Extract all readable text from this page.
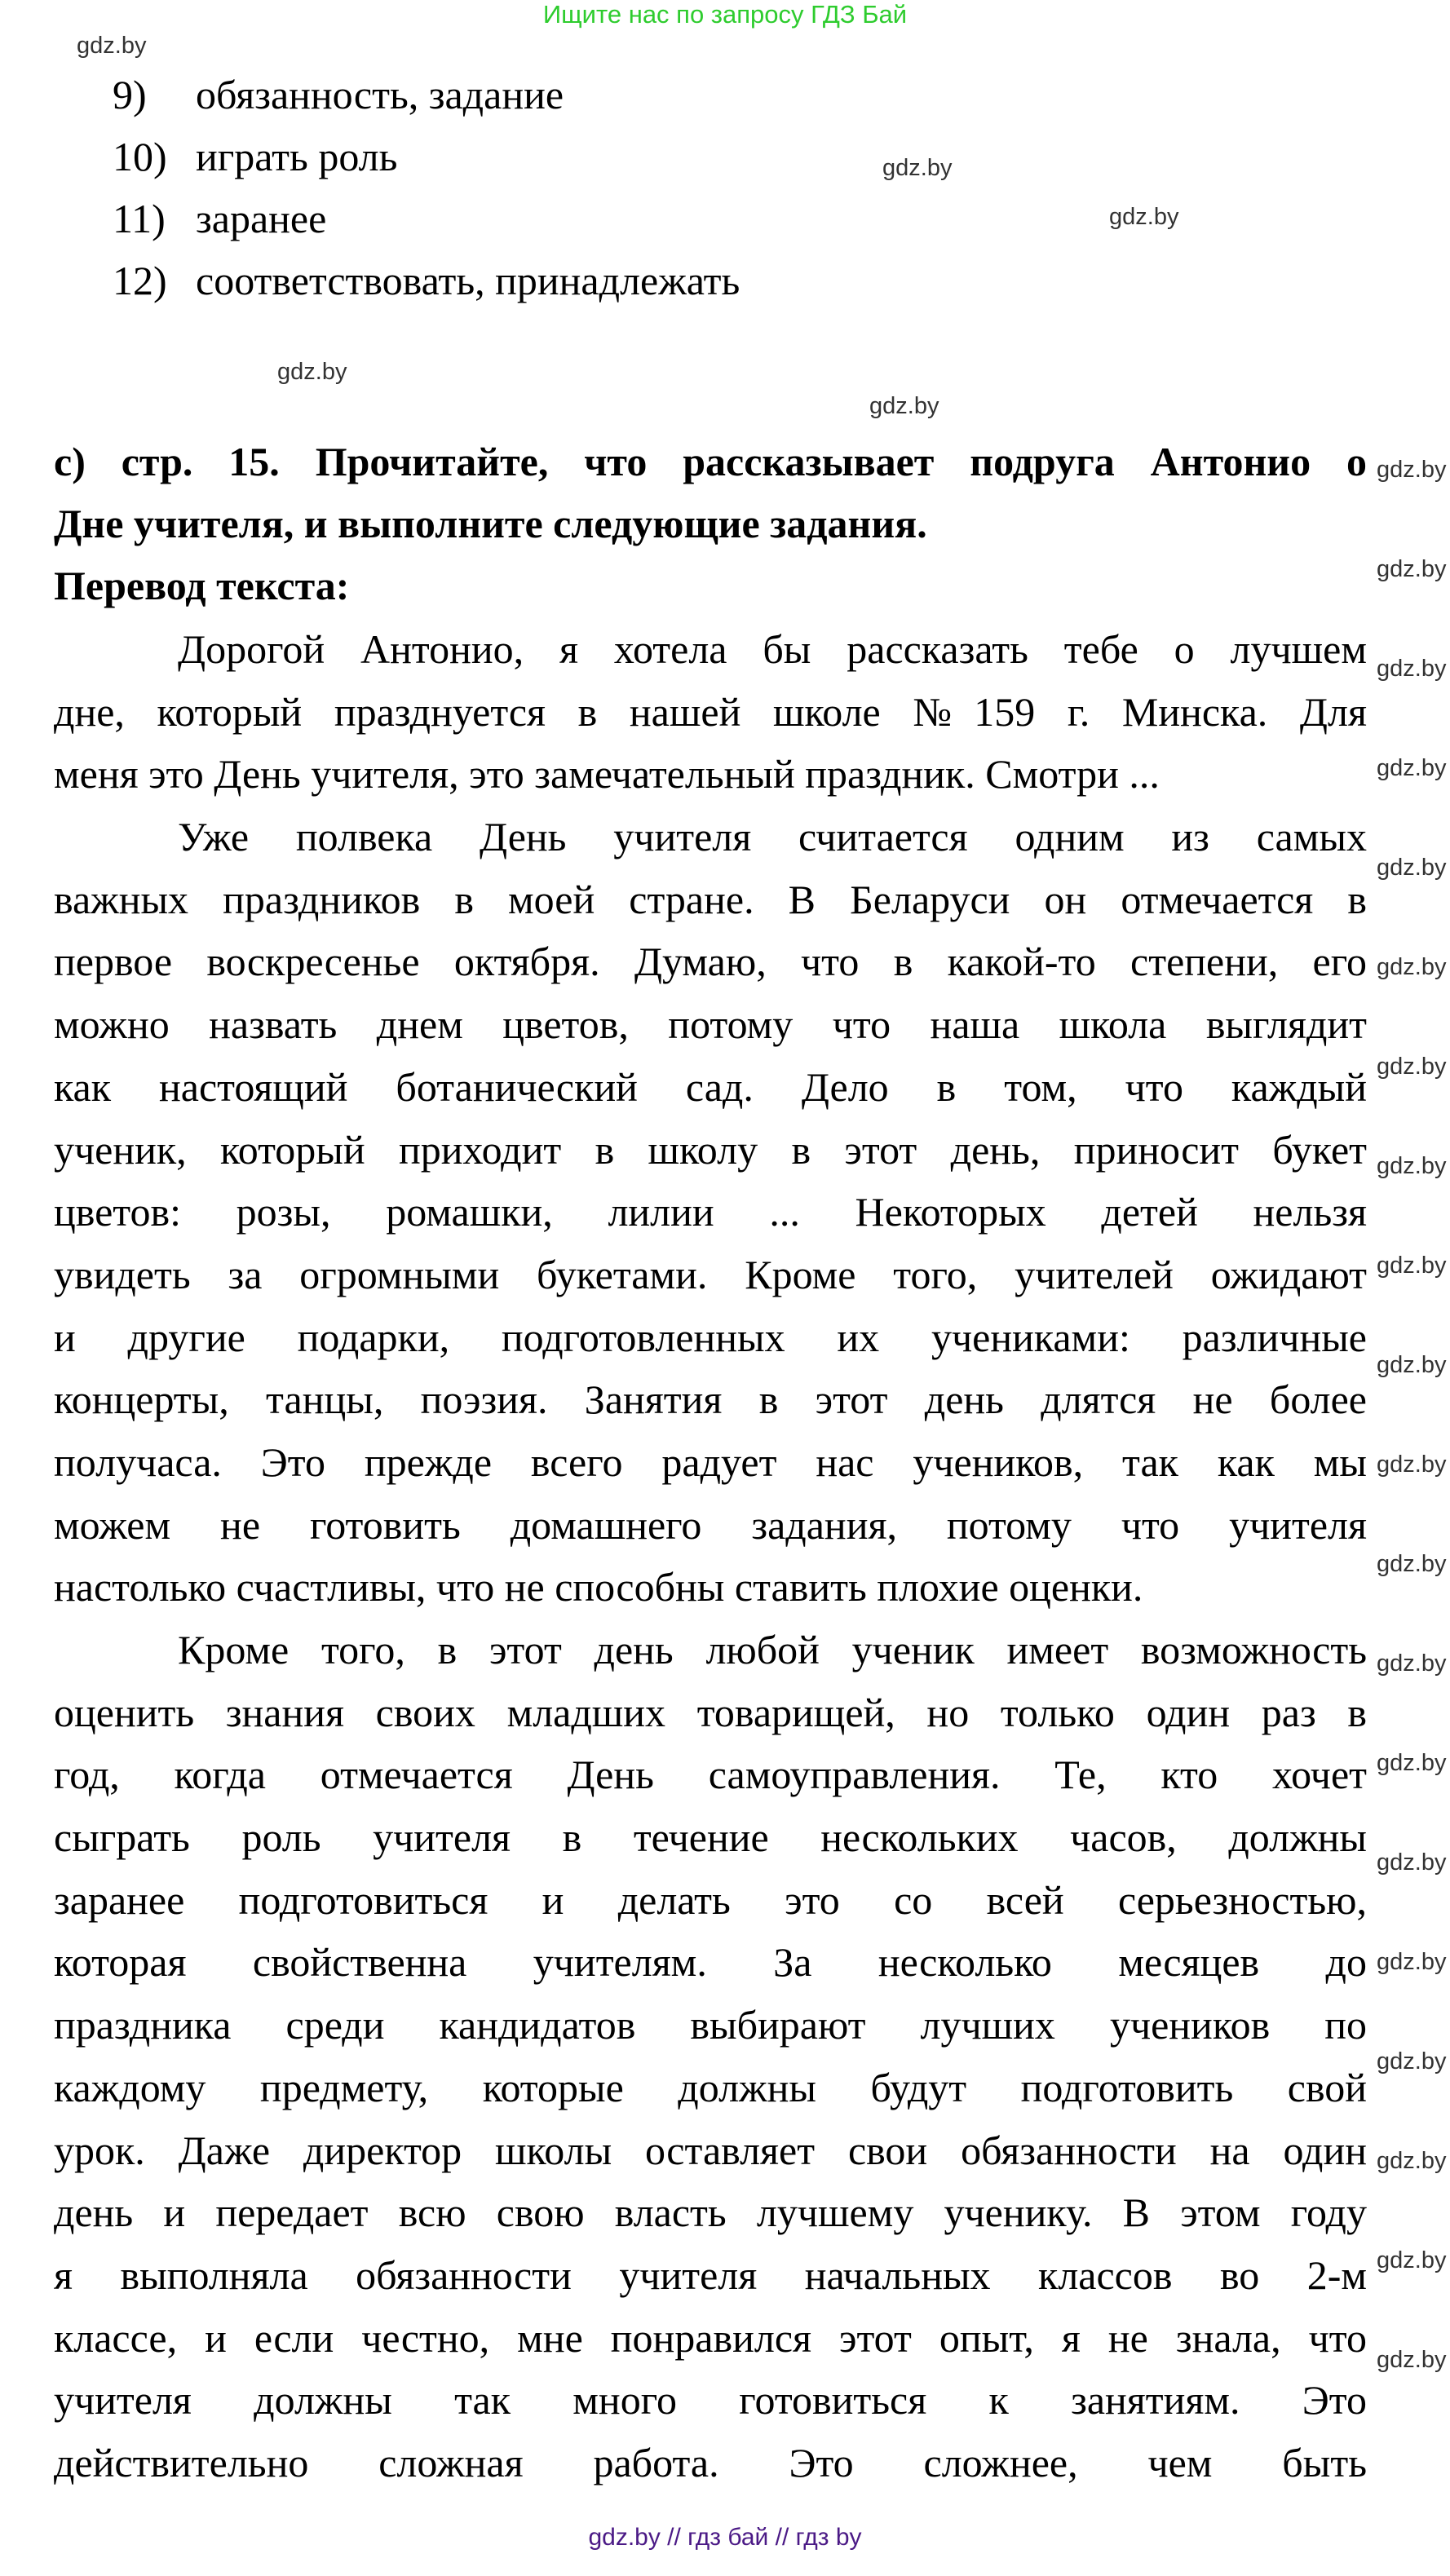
Ищите нас по запросу ГДЗ Бай
9) обязанность, задание
10) играть роль
11) заранее
12) соответствовать, принадлежать
c) стр. 15. Прочитайте, что рассказывает подруга Антонио о
Дне учителя, и выполните следующие задания.
Перевод текста:
Дорогой Антонио, я хотела бы рассказать тебе о лучшем
дне, который празднуется в нашей школе №159 г. Минска. Для
меня это День учителя, это замечательный праздник. Смотри ...
Уже полвека День учителя считается одним из самых
важных праздников в моей стране. В Беларуси он отмечается в
первое воскресенье октября. Думаю, что в какой-то степени, его
можно назвать днем цветов, потому что наша школа выглядит
как настоящий ботанический сад. Дело в том, что каждый
ученик, который приходит в школу в этот день, приносит букет
цветов: розы, ромашки, лилии ... Некоторых детей нельзя
увидеть за огромными букетами. Кроме того, учителей ожидают
и другие подарки, подготовленных их учениками: различные
концерты, танцы, поэзия. Занятия в этот день длятся не более
получаса. Это прежде всего радует нас учеников, так как мы
можем не готовить домашнего задания, потому что учителя
настолько счастливы, что не способны ставить плохие оценки.
Кроме того, в этот день любой ученик имеет возможность
оценить знания своих младших товарищей, но только один раз в
год, когда отмечается День самоуправления. Те, кто хочет
сыграть роль учителя в течение нескольких часов, должны
заранее подготовиться и делать это со всей серьезностью,
которая свойственна учителям. За несколько месяцев до
праздника среди кандидатов выбирают лучших учеников по
каждому предмету, которые должны будут подготовить свой
урок. Даже директор школы оставляет свои обязанности на один
день и передает всю свою власть лучшему ученику. В этом году
я выполняла обязанности учителя начальных классов во 2-м
классе, и если честно, мне понравился этот опыт, я не знала, что
учителя должны так много готовиться к занятиям. Это
действительно сложная работа. Это сложнее, чем быть
gdz.by
gdz.by
gdz.by
gdz.by
gdz.by
gdz.by
gdz.by
gdz.by
gdz.by
gdz.by
gdz.by
gdz.by
gdz.by
gdz.by
gdz.by
gdz.by
gdz.by
gdz.by
gdz.by
gdz.by
gdz.by
gdz.by
gdz.by
gdz.by
gdz.by
gdz.by // гдз бай // гдз by
